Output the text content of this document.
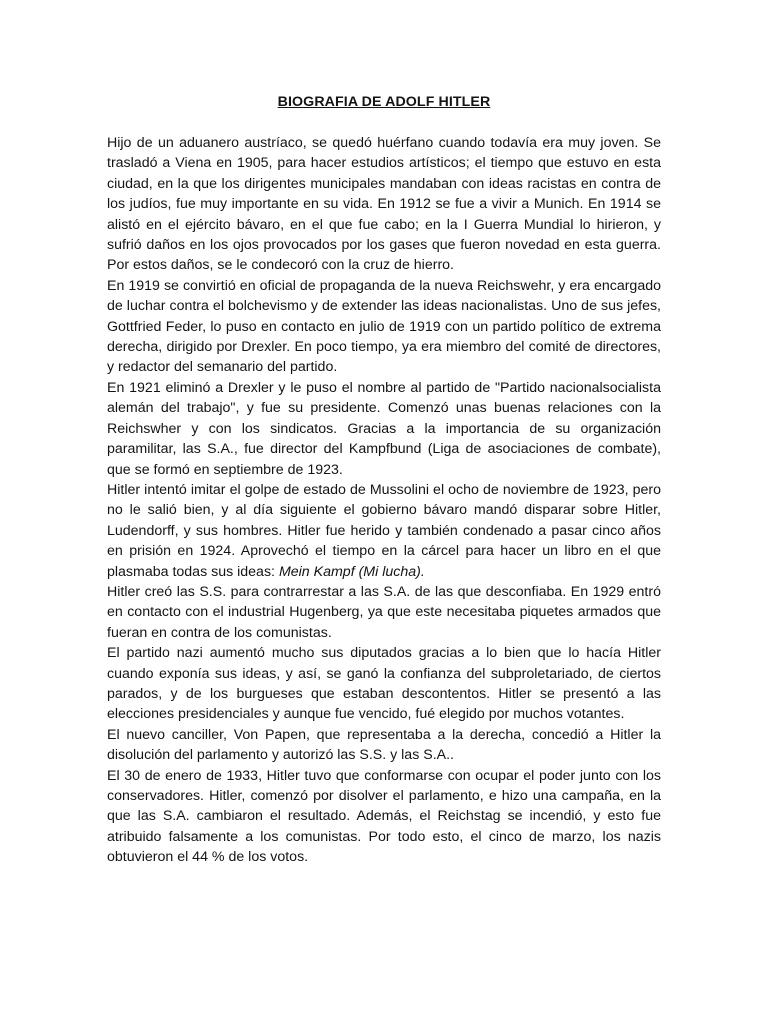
BIOGRAFIA DE ADOLF HITLER

Hijo de un aduanero austríaco, se quedó huérfano cuando todavía era muy joven. Se trasladó a Viena en 1905, para hacer estudios artísticos; el tiempo que estuvo en esta ciudad, en la que los dirigentes municipales mandaban con ideas racistas en contra de los judíos, fue muy importante en su vida. En 1912 se fue a vivir a Munich. En 1914 se alistó en el ejército bávaro, en el que fue cabo; en la I Guerra Mundial lo hirieron, y sufrió daños en los ojos provocados por los gases que fueron novedad en esta guerra. Por estos daños, se le condecoró con la cruz de hierro.

En 1919 se convirtió en oficial de propaganda de la nueva Reichswehr, y era encargado de luchar contra el bolchevismo y de extender las ideas nacionalistas. Uno de sus jefes, Gottfried Feder, lo puso en contacto en julio de 1919 con un partido político de extrema derecha, dirigido por Drexler. En poco tiempo, ya era miembro del comité de directores, y redactor del semanario del partido.

En 1921 eliminó a Drexler y le puso el nombre al partido de "Partido nacionalsocialista alemán del trabajo", y fue su presidente. Comenzó unas buenas relaciones con la Reichswher y con los sindicatos. Gracias a la importancia de su organización paramilitar, las S.A., fue director del Kampfbund (Liga de asociaciones de combate), que se formó en septiembre de 1923.

Hitler intentó imitar el golpe de estado de Mussolini el ocho de noviembre de 1923, pero no le salió bien, y al día siguiente el gobierno bávaro mandó disparar sobre Hitler, Ludendorff, y sus hombres. Hitler fue herido y también condenado a pasar cinco años en prisión en 1924. Aprovechó el tiempo en la cárcel para hacer un libro en el que plasmaba todas sus ideas: Mein Kampf (Mi lucha).

Hitler creó las S.S. para contrarrestar a las S.A. de las que desconfiaba. En 1929 entró en contacto con el industrial Hugenberg, ya que este necesitaba piquetes armados que fueran en contra de los comunistas.

El partido nazi aumentó mucho sus diputados gracias a lo bien que lo hacía Hitler cuando exponía sus ideas, y así, se ganó la confianza del subproletariado, de ciertos parados, y de los burgueses que estaban descontentos. Hitler se presentó a las elecciones presidenciales y aunque fue vencido, fué elegido por muchos votantes.

El nuevo canciller, Von Papen, que representaba a la derecha, concedió a Hitler la disolución del parlamento y autorizó las S.S. y las S.A..

El 30 de enero de 1933, Hitler tuvo que conformarse con ocupar el poder junto con los conservadores. Hitler, comenzó por disolver el parlamento, e hizo una campaña, en la que las S.A. cambiaron el resultado. Además, el Reichstag se incendió, y esto fue atribuido falsamente a los comunistas. Por todo esto, el cinco de marzo, los nazis obtuvieron el 44 % de los votos.
